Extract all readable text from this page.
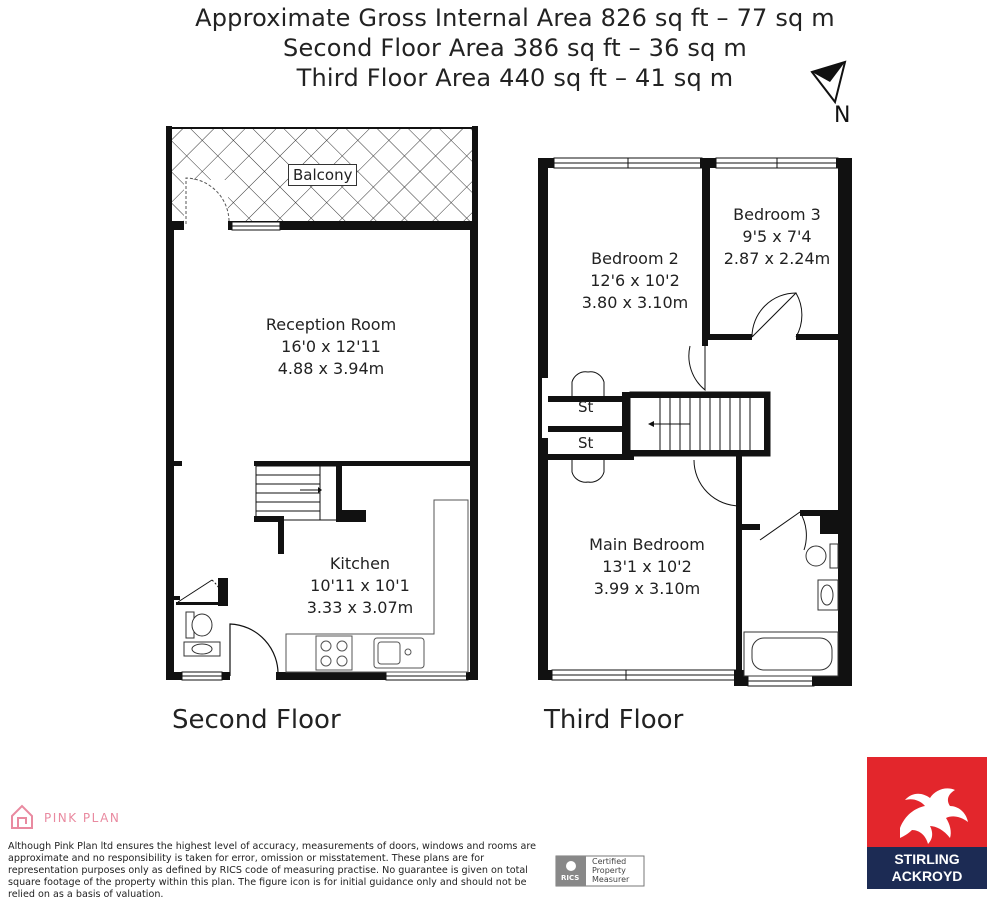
Approximate Gross Internal Area 826 sq ft – 77 sq m
Second Floor Area 386 sq ft – 36 sq m
Third Floor Area 440 sq ft – 41 sq m
N
Balcony
Reception Room
16'0 x 12'11
4.88 x 3.94m
Kitchen
10'11 x 10'1
3.33 x 3.07m
Bedroom 2
12'6 x 10'2
3.80 x 3.10m
Bedroom 3
9'5 x 7'4
2.87 x 2.24m
Main Bedroom
13'1 x 10'2
3.99 x 3.10m
St
St
Second Floor	Third Floor
PINK PLAN
Although Pink Plan ltd ensures the highest level of accuracy, measurements of doors, windows and rooms are approximate and no responsibility is taken for error, omission or misstatement. These plans are for representation purposes only as defined by RICS code of measuring practise. No guarantee is given on total square footage of the property within this plan. The figure icon is for initial guidance only and should not be relied on as a basis of valuation.
RICS
Certified
Property
Measurer
STIRLING
ACKROYD
